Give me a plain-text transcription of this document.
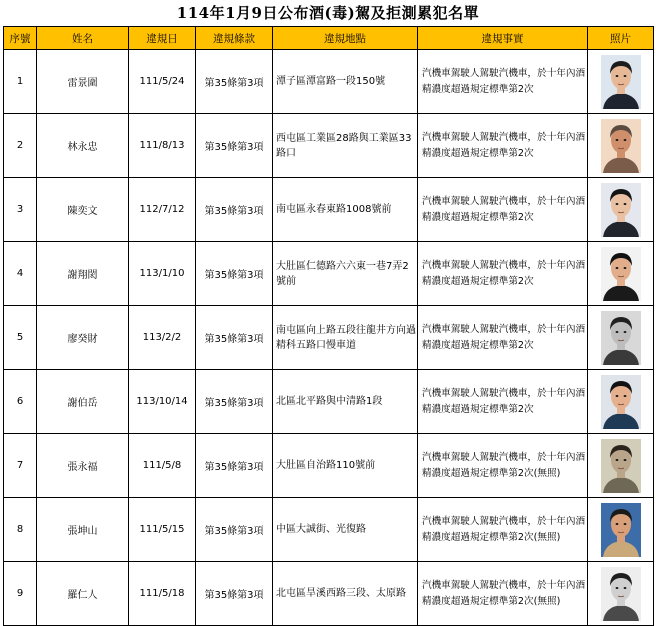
114年1月9日公布酒(毒)駕及拒測累犯名單
序號	姓名	違規日	違規條款	違規地點	違規事實	照片
1	雷景圍	111/5/24	第35條第3項	潭子區潭富路一段150號	汽機車駕駛人駕駛汽機車，於十年內酒精濃度超過規定標準第2次	

2	林永忠	111/8/13	第35條第3項	西屯區工業區28路與工業區33路口	汽機車駕駛人駕駛汽機車，於十年內酒精濃度超過規定標準第2次	

3	陳奕文	112/7/12	第35條第3項	南屯區永春東路1008號前	汽機車駕駛人駕駛汽機車，於十年內酒精濃度超過規定標準第2次	

4	謝翔閎	113/1/10	第35條第3項	大肚區仁德路六六東一巷7弄2號前	汽機車駕駛人駕駛汽機車，於十年內酒精濃度超過規定標準第2次	

5	廖癸財	113/2/2	第35條第3項	南屯區向上路五段往龍井方向過精科五路口慢車道	汽機車駕駛人駕駛汽機車，於十年內酒精濃度超過規定標準第2次	

6	謝伯岳	113/10/14	第35條第3項	北區北平路與中清路1段	汽機車駕駛人駕駛汽機車，於十年內酒精濃度超過規定標準第2次	

7	張永福	111/5/8	第35條第3項	大肚區自治路110號前	汽機車駕駛人駕駛汽機車，於十年內酒精濃度超過規定標準第2次(無照)	

8	張坤山	111/5/15	第35條第3項	中區大誠街、光復路	汽機車駕駛人駕駛汽機車，於十年內酒精濃度超過規定標準第2次(無照)	

9	羅仁人	111/5/18	第35條第3項	北屯區旱溪西路三段、太原路	汽機車駕駛人駕駛汽機車，於十年內酒精濃度超過規定標準第2次(無照)	
